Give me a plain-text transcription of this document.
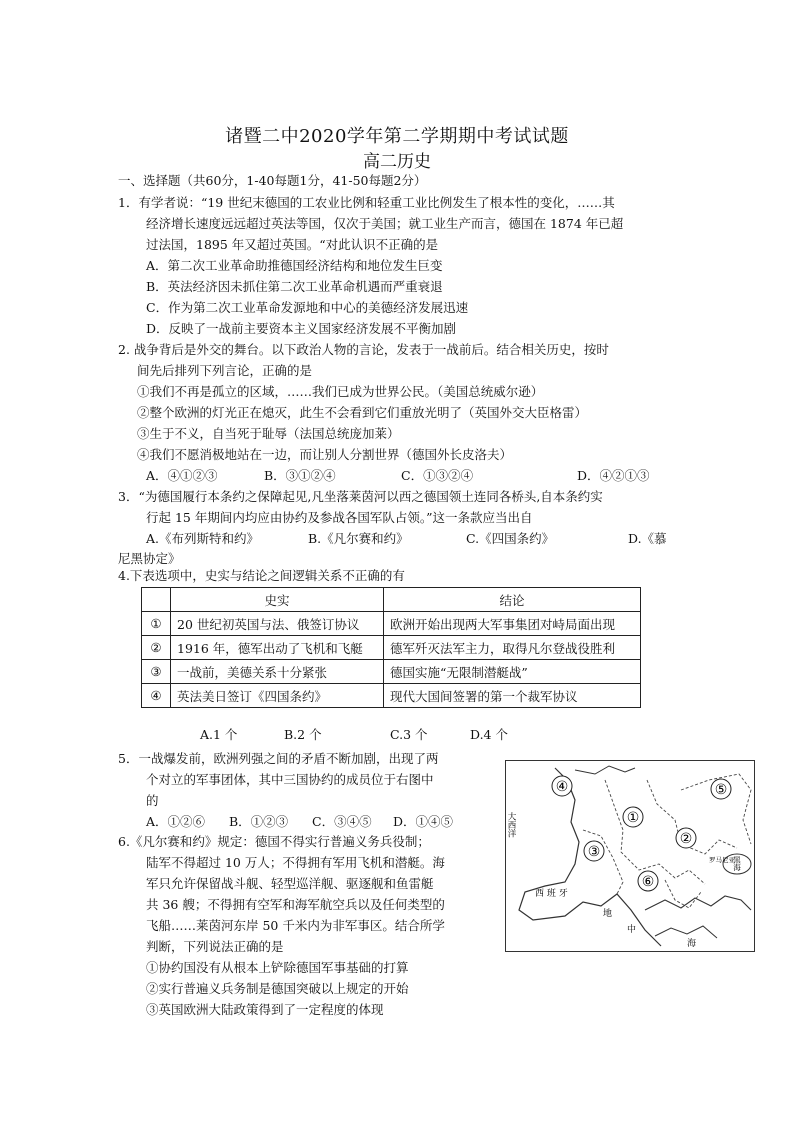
诸暨二中2020学年第二学期期中考试试题
高二历史
一、选择题（共60分，1-40每题1分，41-50每题2分）
1．有学者说：“19 世纪末德国的工农业比例和轻重工业比例发生了根本性的变化，……其
经济增长速度远远超过英法等国，仅次于美国；就工业生产而言，德国在 1874 年已超
过法国，1895 年又超过英国。“对此认识不正确的是
A．第二次工业革命助推德国经济结构和地位发生巨变
B．英法经济因未抓住第二次工业革命机遇而严重衰退
C．作为第二次工业革命发源地和中心的美德经济发展迅速
D．反映了一战前主要资本主义国家经济发展不平衡加剧
2. 战争背后是外交的舞台。以下政治人物的言论，发表于一战前后。结合相关历史，按时
间先后排列下列言论，正确的是
①我们不再是孤立的区域，……我们已成为世界公民。（美国总统威尔逊）
②整个欧洲的灯光正在熄灭，此生不会看到它们重放光明了（英国外交大臣格雷）
③生于不义，自当死于耻辱（法国总统庞加莱）
④我们不愿消极地站在一边，而让别人分割世界（德国外长皮洛夫）
A．④①②③	B．③①②④	C．①③②④	D．④②①③
3．“为德国履行本条约之保障起见,凡坐落莱茵河以西之德国领土连同各桥头,自本条约实
行起 15 年期间内均应由协约及参战各国军队占领。”这一条款应当出自
A.《布列斯特和约》	B.《凡尔赛和约》	C.《四国条约》	D.《慕
尼黑协定》
4.下表选项中，史实与结论之间逻辑关系不正确的有
	史实	结论
①	20 世纪初英国与法、俄签订协议	欧洲开始出现两大军事集团对峙局面出现
②	1916 年，德军出动了飞机和飞艇	德军歼灭法军主力，取得凡尔登战役胜利
③	一战前，美德关系十分紧张	德国实施“无限制潜艇战”
④	英法美日签订《四国条约》	现代大国间签署的第一个裁军协议
A.1 个	B.2 个	C.3 个	D.4 个
5．一战爆发前，欧洲列强之间的矛盾不断加剧，出现了两
个对立的军事团体，其中三国协约的成员位于右图中
的
A．①②⑥ B．①②③ C．③④⑤ D．①④⑤	大西洋
西 班 牙
地
中
海
黑海
罗马尼亚
④	⑤
①
②
③
⑥
6.《凡尔赛和约》规定：德国不得实行普遍义务兵役制；
陆军不得超过 10 万人；不得拥有军用飞机和潜艇。海
军只允许保留战斗舰、轻型巡洋舰、驱逐舰和鱼雷艇
共 36 艘；不得拥有空军和海军航空兵以及任何类型的
飞船……莱茵河东岸 50 千米内为非军事区。结合所学
判断，下列说法正确的是
①协约国没有从根本上铲除德国军事基础的打算
②实行普遍义兵务制是德国突破以上规定的开始
③英国欧洲大陆政策得到了一定程度的体现
